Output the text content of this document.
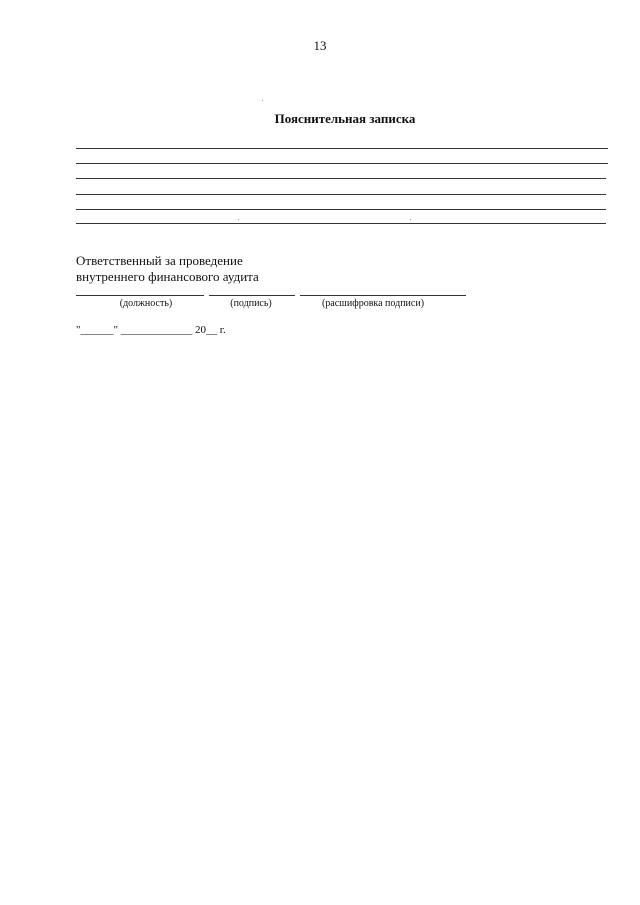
13
Пояснительная записка
Ответственный за проведение
внутреннего финансового аудита
(должность)	(подпись)	(расшифровка подписи)
"______" _____________ 20__ г.
